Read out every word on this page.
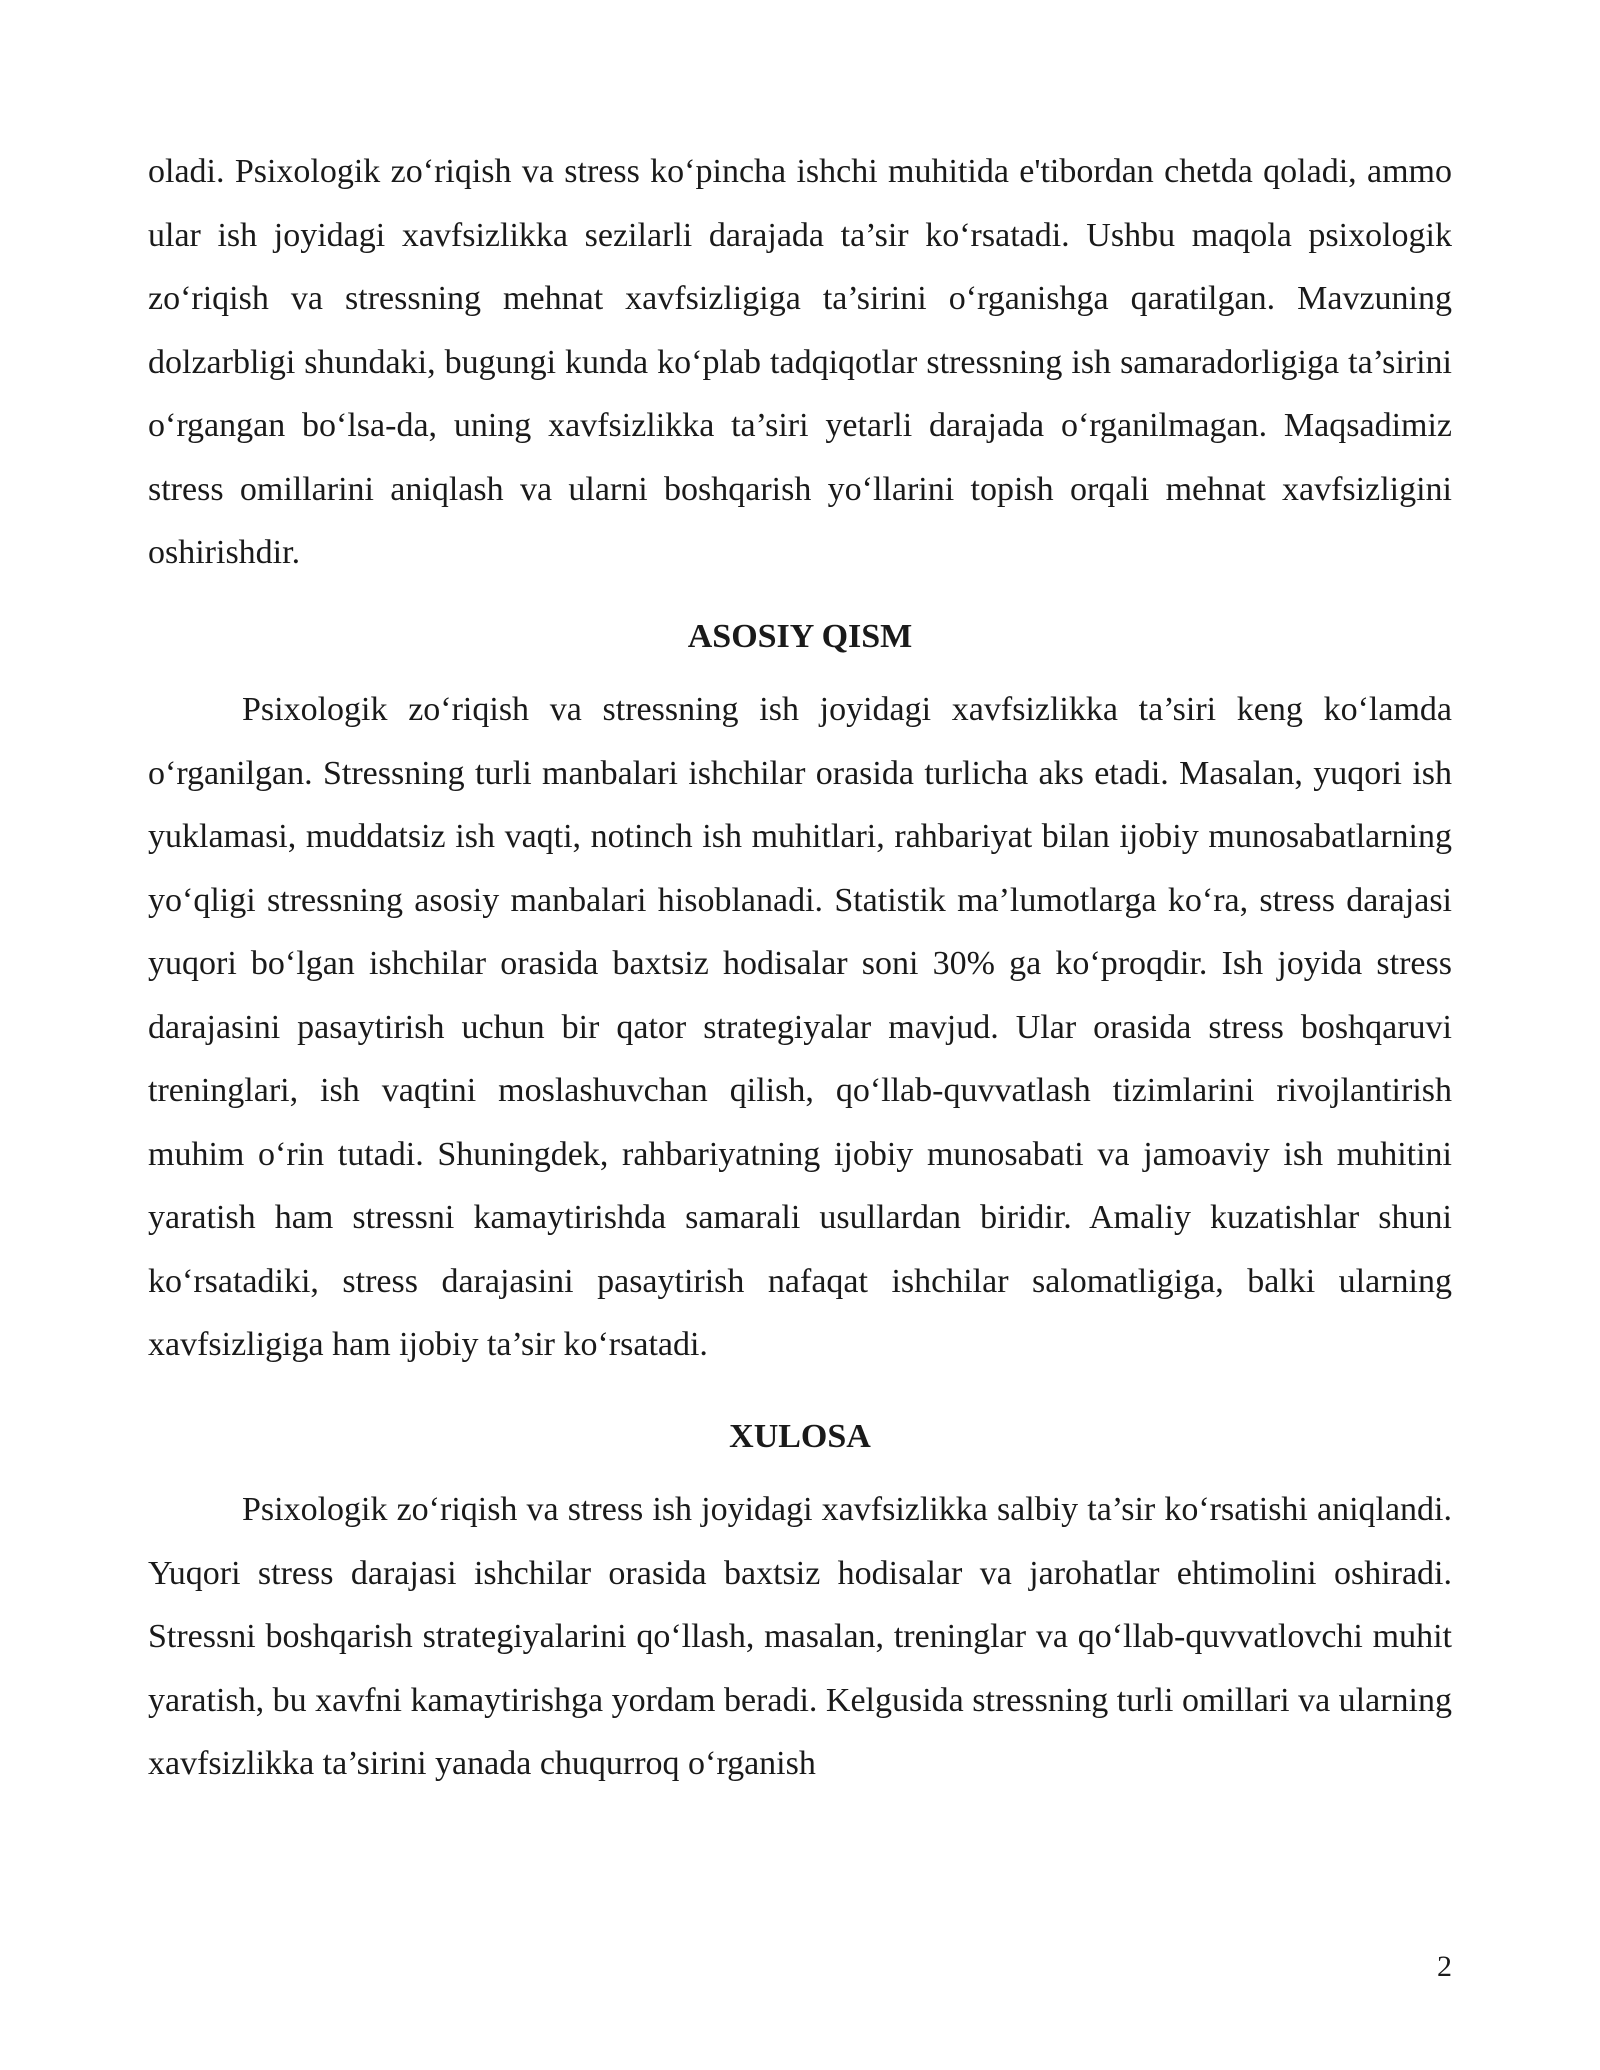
oladi. Psixologik zo‘riqish va stress ko‘pincha ishchi muhitida e'tibordan chetda qoladi, ammo ular ish joyidagi xavfsizlikka sezilarli darajada ta’sir ko‘rsatadi. Ushbu maqola psixologik zo‘riqish va stressning mehnat xavfsizligiga ta’sirini o‘rganishga qaratilgan. Mavzuning dolzarbligi shundaki, bugungi kunda ko‘plab tadqiqotlar stressning ish samaradorligiga ta’sirini o‘rgangan bo‘lsa-da, uning xavfsizlikka ta’siri yetarli darajada o‘rganilmagan. Maqsadimiz stress omillarini aniqlash va ularni boshqarish yo‘llarini topish orqali mehnat xavfsizligini oshirishdir.

ASOSIY QISM

Psixologik zo‘riqish va stressning ish joyidagi xavfsizlikka ta’siri keng ko‘lamda o‘rganilgan. Stressning turli manbalari ishchilar orasida turlicha aks etadi. Masalan, yuqori ish yuklamasi, muddatsiz ish vaqti, notinch ish muhitlari, rahbariyat bilan ijobiy munosabatlarning yo‘qligi stressning asosiy manbalari hisoblanadi. Statistik ma’lumotlarga ko‘ra, stress darajasi yuqori bo‘lgan ishchilar orasida baxtsiz hodisalar soni 30% ga ko‘proqdir. Ish joyida stress darajasini pasaytirish uchun bir qator strategiyalar mavjud. Ular orasida stress boshqaruvi treninglari, ish vaqtini moslashuvchan qilish, qo‘llab-quvvatlash tizimlarini rivojlantirish muhim o‘rin tutadi. Shuningdek, rahbariyatning ijobiy munosabati va jamoaviy ish muhitini yaratish ham stressni kamaytirishda samarali usullardan biridir. Amaliy kuzatishlar shuni ko‘rsatadiki, stress darajasini pasaytirish nafaqat ishchilar salomatligiga, balki ularning xavfsizligiga ham ijobiy ta’sir ko‘rsatadi.

XULOSA

Psixologik zo‘riqish va stress ish joyidagi xavfsizlikka salbiy ta’sir ko‘rsatishi aniqlandi. Yuqori stress darajasi ishchilar orasida baxtsiz hodisalar va jarohatlar ehtimolini oshiradi. Stressni boshqarish strategiyalarini qo‘llash, masalan, treninglar va qo‘llab-quvvatlovchi muhit yaratish, bu xavfni kamaytirishga yordam beradi. Kelgusida stressning turli omillari va ularning xavfsizlikka ta’sirini yanada chuqurroq o‘rganish

2
